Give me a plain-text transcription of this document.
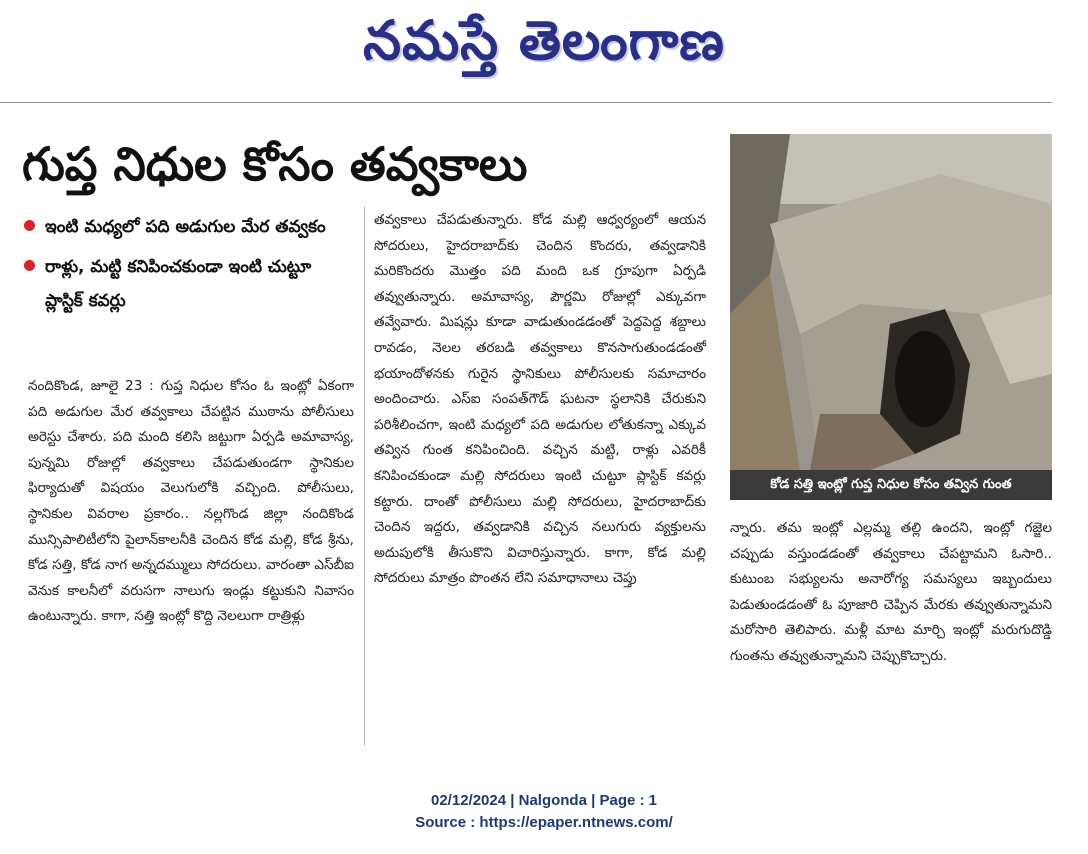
నమస్తే తెలంగాణ
గుప్త నిధుల కోసం తవ్వకాలు
ఇంటి మధ్యలో పది అడుగుల మేర తవ్వకం
రాళ్లు, మట్టి కనిపించకుండా ఇంటి చుట్టూ ప్లాస్టిక్ కవర్లు
నందికొండ, జూలై 23 : గుప్త నిధుల కోసం ఓ ఇంట్లో ఏకంగా పది అడుగుల మేర తవ్వకాలు చేపట్టిన ముఠాను పోలీసులు అరెస్టు చేశారు. పది మంది కలిసి జట్టుగా ఏర్పడి అమావాస్య, పున్నమి రోజుల్లో తవ్వకాలు చేపడుతుండగా స్థానికుల ఫిర్యాదుతో విషయం వెలుగులోకి వచ్చింది. పోలీసులు, స్థానికుల వివరాల ప్రకారం.. నల్లగొండ జిల్లా నందికొండ మున్సిపాలిటీలోని పైలాన్‌కాలనీకి చెందిన కోడ మల్లి, కోడ శ్రీను, కోడ సత్తి, కోడ నాగ అన్నదమ్ములు సోదరులు. వారంతా ఎస్‌బీఐ వెనుక కాలనీలో వరుసగా నాలుగు ఇండ్లు కట్టుకుని నివాసం ఉంటున్నారు. కాగా, సత్తి ఇంట్లో కొద్ది నెలలుగా రాత్రిళ్లు
తవ్వకాలు చేపడుతున్నారు. కోడ మల్లి ఆధ్వర్యంలో ఆయన సోదరులు, హైదరాబాద్‌కు చెందిన కొందరు, తవ్వడానికి మరికొందరు మొత్తం పది మంది ఒక గ్రూపుగా ఏర్పడి తవ్వుతున్నారు. అమావాస్య, పౌర్ణమి రోజుల్లో ఎక్కువగా తవ్వేవారు. మిషన్లు కూడా వాడుతుండడంతో పెద్దపెద్ద శబ్దాలు రావడం, నెలల తరబడి తవ్వకాలు కొనసాగుతుండడంతో భయాందోళనకు గురైన స్థానికులు పోలీసులకు సమాచారం అందించారు. ఎస్‌ఐ సంపత్‌గౌడ్ ఘటనా స్థలానికి చేరుకుని పరిశీలించగా, ఇంటి మధ్యలో పది అడుగుల లోతుకన్నా ఎక్కువ తవ్విన గుంత కనిపించింది. వచ్చిన మట్టి, రాళ్లు ఎవరికీ కనిపించకుండా మల్లి సోదరులు ఇంటి చుట్టూ ప్లాస్టిక్ కవర్లు కట్టారు. దాంతో పోలీసులు మల్లి సోదరులు, హైదరాబాద్‌కు చెందిన ఇద్దరు, తవ్వడానికి వచ్చిన నలుగురు వ్యక్తులను అదుపులోకి తీసుకొని విచారిస్తున్నారు. కాగా, కోడ మల్లి సోదరులు మాత్రం పొంతన లేని సమాధానాలు చెప్తు
కోడ సత్తి ఇంట్లో గుప్త నిధుల కోసం తవ్విన గుంత
న్నారు. తమ ఇంట్లో ఎల్లమ్మ తల్లి ఉందని, ఇంట్లో గజ్జెల చప్పుడు వస్తుండడంతో తవ్వకాలు చేపట్టామని ఓసారి.. కుటుంబ సభ్యులను అనారోగ్య సమస్యలు ఇబ్బందులు పెడుతుండడంతో ఓ పూజారి చెప్పిన మేరకు తవ్వుతున్నామని మరోసారి తెలిపారు. మళ్లీ మాట మార్చి ఇంట్లో మరుగుదొడ్డి గుంతను తవ్వుతున్నామని చెప్పుకొచ్చారు.
02/12/2024 | Nalgonda | Page : 1
Source : https://epaper.ntnews.com/
